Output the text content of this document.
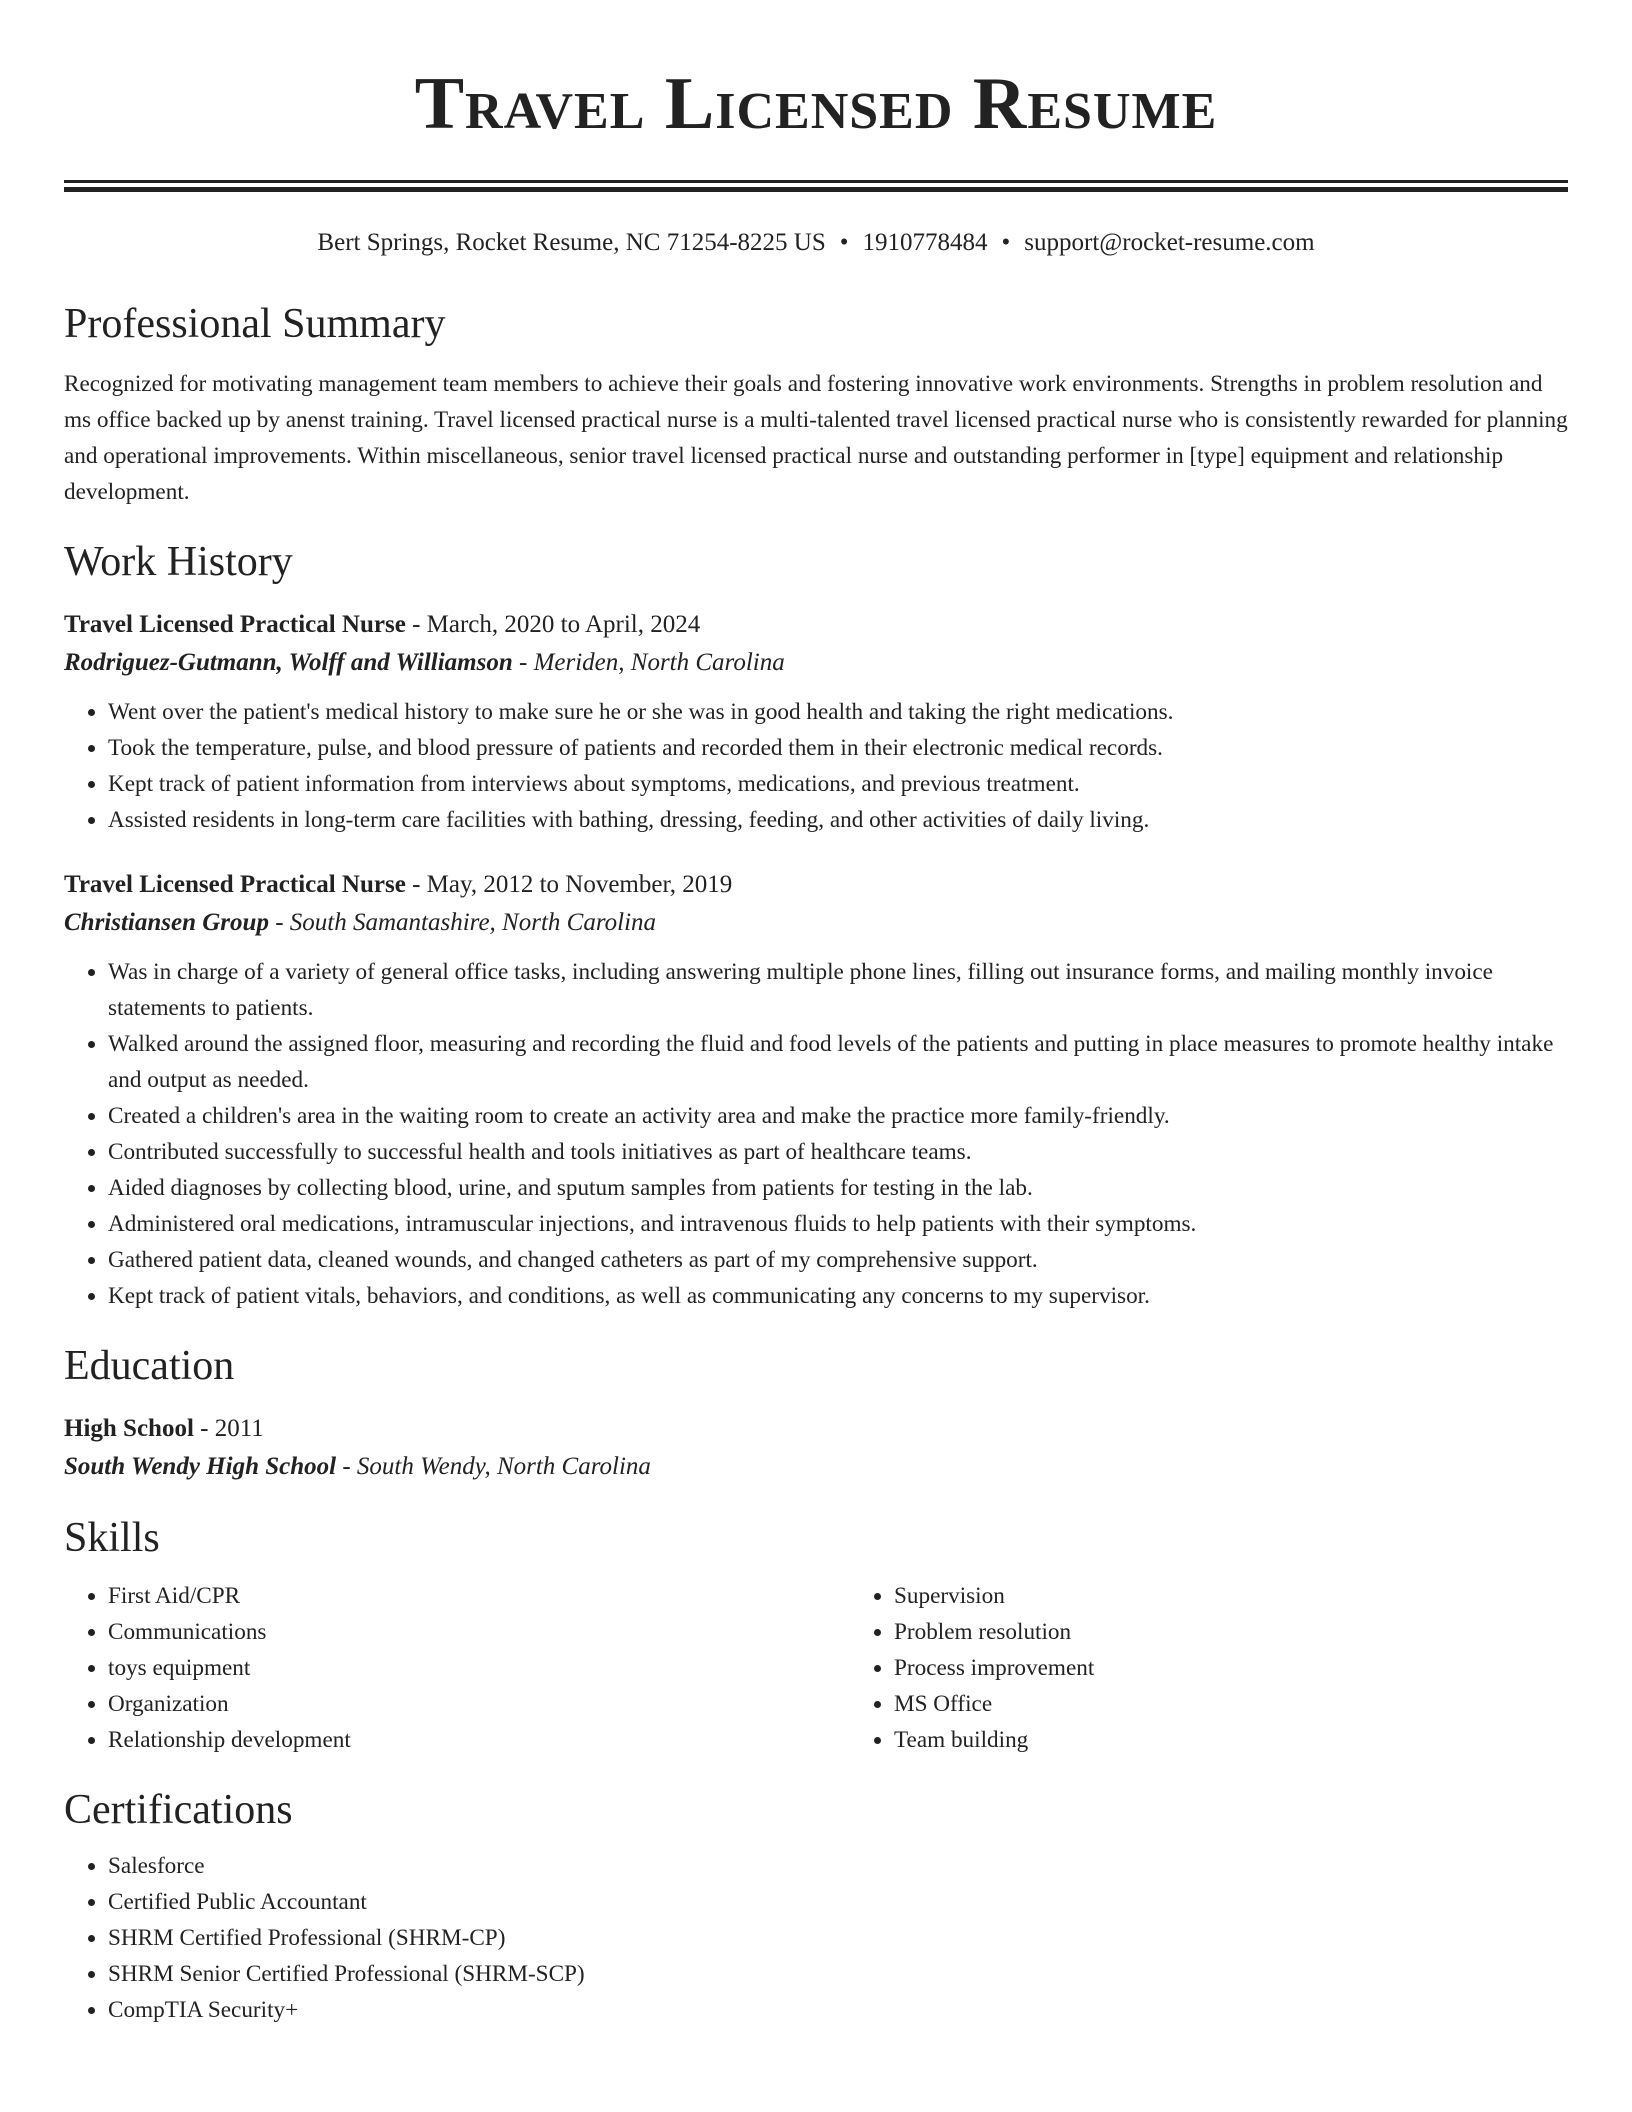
Travel Licensed Resume
Bert Springs, Rocket Resume, NC 71254-8225 US • 1910778484 • support@rocket-resume.com
Professional Summary
Recognized for motivating management team members to achieve their goals and fostering innovative work environments. Strengths in problem resolution and ms office backed up by anenst training. Travel licensed practical nurse is a multi-talented travel licensed practical nurse who is consistently rewarded for planning and operational improvements. Within miscellaneous, senior travel licensed practical nurse and outstanding performer in [type] equipment and relationship development.
Work History
Travel Licensed Practical Nurse - March, 2020 to April, 2024
Rodriguez-Gutmann, Wolff and Williamson - Meriden, North Carolina
• Went over the patient's medical history to make sure he or she was in good health and taking the right medications.
• Took the temperature, pulse, and blood pressure of patients and recorded them in their electronic medical records.
• Kept track of patient information from interviews about symptoms, medications, and previous treatment.
• Assisted residents in long-term care facilities with bathing, dressing, feeding, and other activities of daily living.
Travel Licensed Practical Nurse - May, 2012 to November, 2019
Christiansen Group - South Samantashire, North Carolina
• Was in charge of a variety of general office tasks, including answering multiple phone lines, filling out insurance forms, and mailing monthly invoice statements to patients.
• Walked around the assigned floor, measuring and recording the fluid and food levels of the patients and putting in place measures to promote healthy intake and output as needed.
• Created a children's area in the waiting room to create an activity area and make the practice more family-friendly.
• Contributed successfully to successful health and tools initiatives as part of healthcare teams.
• Aided diagnoses by collecting blood, urine, and sputum samples from patients for testing in the lab.
• Administered oral medications, intramuscular injections, and intravenous fluids to help patients with their symptoms.
• Gathered patient data, cleaned wounds, and changed catheters as part of my comprehensive support.
• Kept track of patient vitals, behaviors, and conditions, as well as communicating any concerns to my supervisor.
Education
High School - 2011
South Wendy High School - South Wendy, North Carolina
Skills
• First Aid/CPR
• Communications
• toys equipment
• Organization
• Relationship development
• Supervision
• Problem resolution
• Process improvement
• MS Office
• Team building
Certifications
• Salesforce
• Certified Public Accountant
• SHRM Certified Professional (SHRM-CP)
• SHRM Senior Certified Professional (SHRM-SCP)
• CompTIA Security+
